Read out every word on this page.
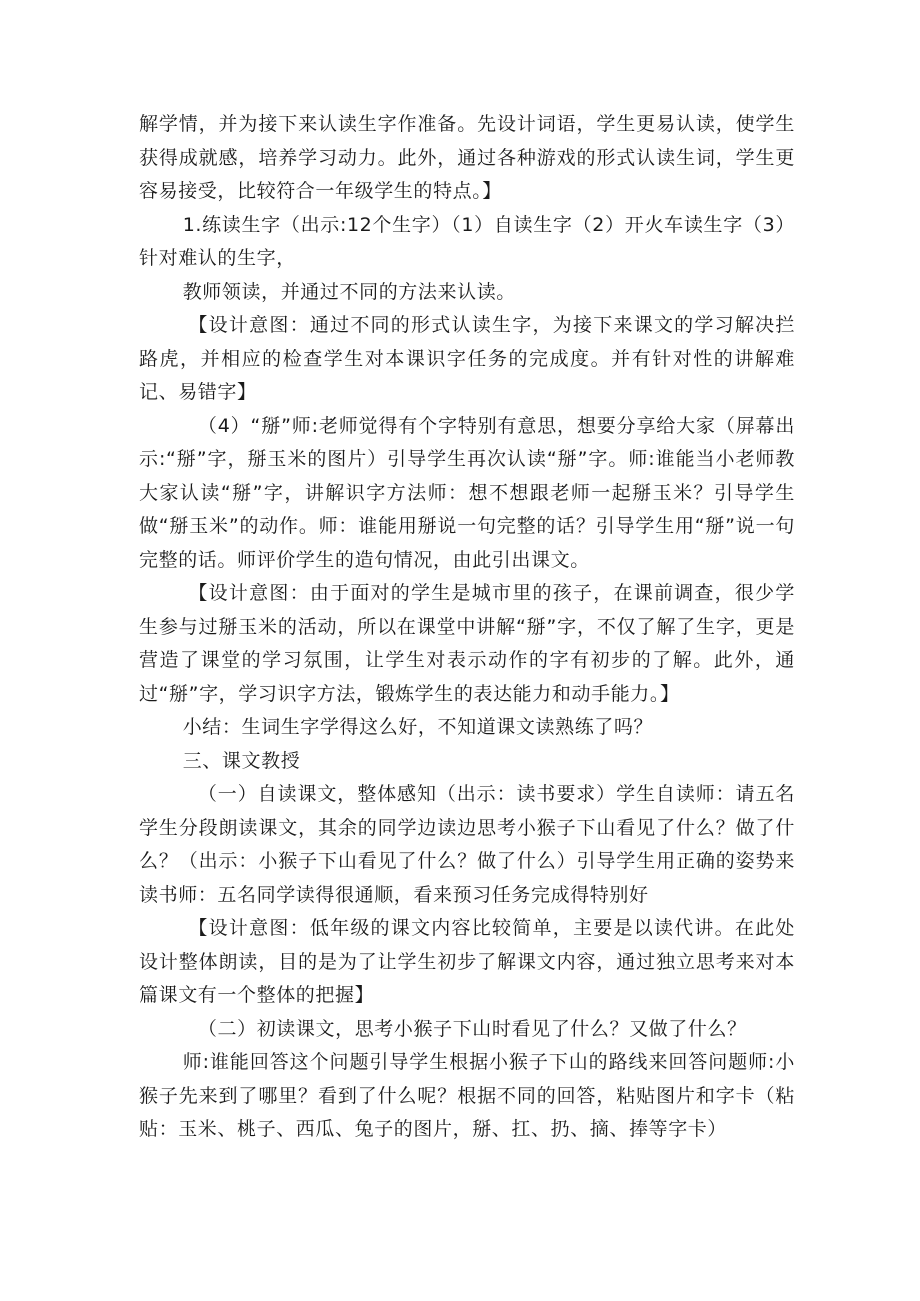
解学情，并为接下来认读生字作准备。先设计词语，学生更易认读，使学生获得成就感，培养学习动力。此外，通过各种游戏的形式认读生词，学生更容易接受，比较符合一年级学生的特点。】

1.练读生字（出示:12个生字）（1）自读生字（2）开火车读生字（3）针对难认的生字，

教师领读，并通过不同的方法来认读。

【设计意图：通过不同的形式认读生字，为接下来课文的学习解决拦路虎，并相应的检查学生对本课识字任务的完成度。并有针对性的讲解难记、易错字】

（4）“掰”师:老师觉得有个字特别有意思，想要分享给大家（屏幕出示:“掰”字，掰玉米的图片）引导学生再次认读“掰”字。师:谁能当小老师教大家认读“掰”字，讲解识字方法师：想不想跟老师一起掰玉米？引导学生做“掰玉米”的动作。师：谁能用掰说一句完整的话？引导学生用“掰”说一句完整的话。师评价学生的造句情况，由此引出课文。

【设计意图：由于面对的学生是城市里的孩子，在课前调查，很少学生参与过掰玉米的活动，所以在课堂中讲解“掰”字，不仅了解了生字，更是营造了课堂的学习氛围，让学生对表示动作的字有初步的了解。此外，通过“掰”字，学习识字方法，锻炼学生的表达能力和动手能力。】

小结：生词生字学得这么好，不知道课文读熟练了吗？

三、课文教授

（一）自读课文，整体感知（出示：读书要求）学生自读师：请五名学生分段朗读课文，其余的同学边读边思考小猴子下山看见了什么？做了什么？（出示：小猴子下山看见了什么？做了什么）引导学生用正确的姿势来读书师：五名同学读得很通顺，看来预习任务完成得特别好

【设计意图：低年级的课文内容比较简单，主要是以读代讲。在此处设计整体朗读，目的是为了让学生初步了解课文内容，通过独立思考来对本篇课文有一个整体的把握】

（二）初读课文，思考小猴子下山时看见了什么？又做了什么？

师:谁能回答这个问题引导学生根据小猴子下山的路线来回答问题师:小猴子先来到了哪里？看到了什么呢？根据不同的回答，粘贴图片和字卡（粘贴：玉米、桃子、西瓜、兔子的图片，掰、扛、扔、摘、捧等字卡）
